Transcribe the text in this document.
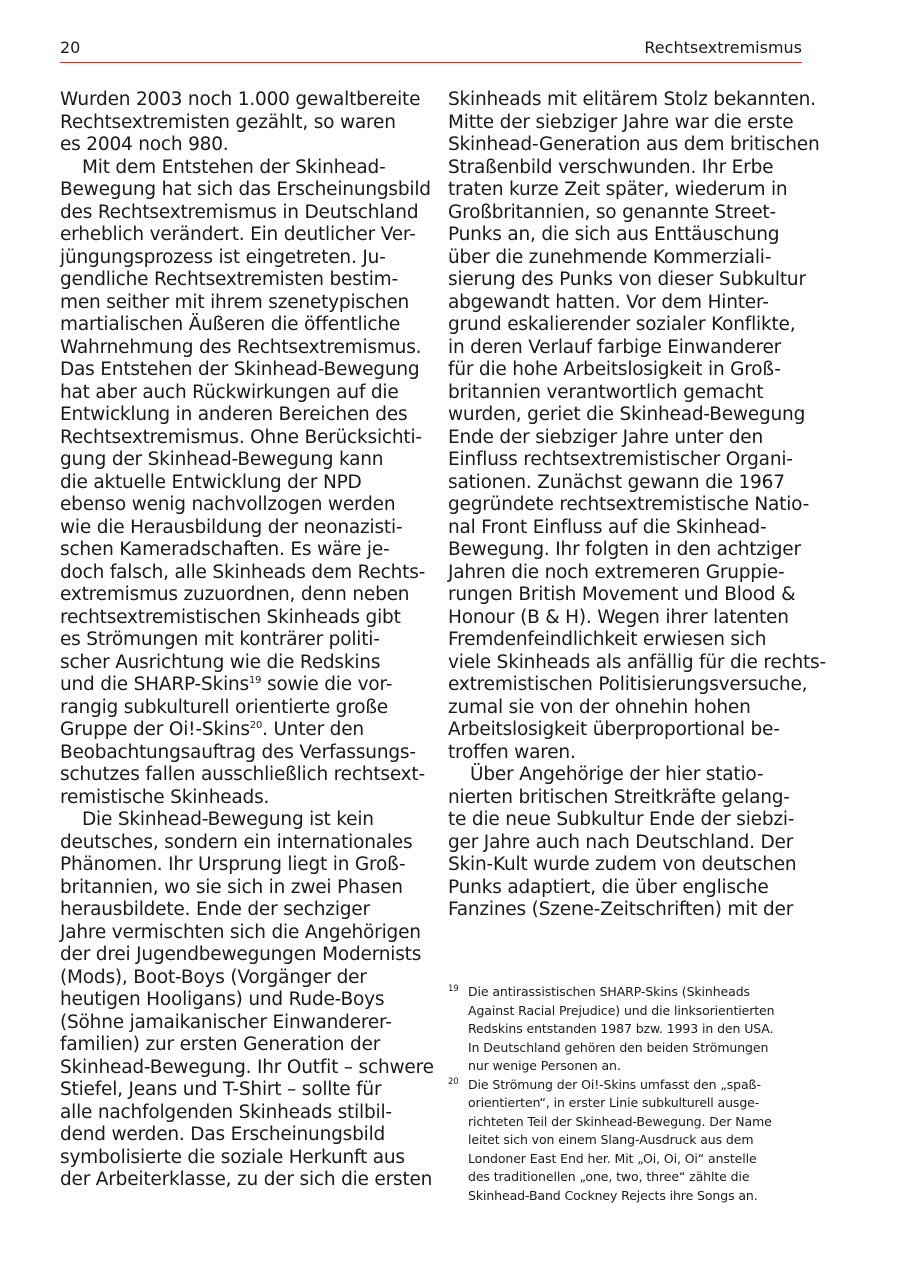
20	Rechtsextremismus
Wurden 2003 noch 1.000 gewaltbereite
Rechtsextremisten gezählt, so waren
es 2004 noch 980.
Mit dem Entstehen der Skinhead-
Bewegung hat sich das Erscheinungsbild
des Rechtsextremismus in Deutschland
erheblich verändert. Ein deutlicher Ver-
jüngungsprozess ist eingetreten. Ju-
gendliche Rechtsextremisten bestim-
men seither mit ihrem szenetypischen
martialischen Äußeren die öffentliche
Wahrnehmung des Rechtsextremismus.
Das Entstehen der Skinhead-Bewegung
hat aber auch Rückwirkungen auf die
Entwicklung in anderen Bereichen des
Rechtsextremismus. Ohne Berücksichti-
gung der Skinhead-Bewegung kann
die aktuelle Entwicklung der NPD
ebenso wenig nachvollzogen werden
wie die Herausbildung der neonazisti-
schen Kameradschaften. Es wäre je-
doch falsch, alle Skinheads dem Rechts-
extremismus zuzuordnen, denn neben
rechtsextremistischen Skinheads gibt
es Strömungen mit konträrer politi-
scher Ausrichtung wie die Redskins
und die SHARP-Skins$^{19}$ sowie die vor-
rangig subkulturell orientierte große
Gruppe der Oi!-Skins$^{20}$. Unter den
Beobachtungsauftrag des Verfassungs-
schutzes fallen ausschließlich rechtsext-
remistische Skinheads.
Die Skinhead-Bewegung ist kein
deutsches, sondern ein internationales
Phänomen. Ihr Ursprung liegt in Groß-
britannien, wo sie sich in zwei Phasen
herausbildete. Ende der sechziger
Jahre vermischten sich die Angehörigen
der drei Jugendbewegungen Modernists
(Mods), Boot-Boys (Vorgänger der
heutigen Hooligans) und Rude-Boys
(Söhne jamaikanischer Einwanderer-
familien) zur ersten Generation der
Skinhead-Bewegung. Ihr Outfit – schwere
Stiefel, Jeans und T-Shirt – sollte für
alle nachfolgenden Skinheads stilbil-
dend werden. Das Erscheinungsbild
symbolisierte die soziale Herkunft aus
der Arbeiterklasse, zu der sich die ersten
Skinheads mit elitärem Stolz bekannten.
Mitte der siebziger Jahre war die erste
Skinhead-Generation aus dem britischen
Straßenbild verschwunden. Ihr Erbe
traten kurze Zeit später, wiederum in
Großbritannien, so genannte Street-
Punks an, die sich aus Enttäuschung
über die zunehmende Kommerziali-
sierung des Punks von dieser Subkultur
abgewandt hatten. Vor dem Hinter-
grund eskalierender sozialer Konflikte,
in deren Verlauf farbige Einwanderer
für die hohe Arbeitslosigkeit in Groß-
britannien verantwortlich gemacht
wurden, geriet die Skinhead-Bewegung
Ende der siebziger Jahre unter den
Einfluss rechtsextremistischer Organi-
sationen. Zunächst gewann die 1967
gegründete rechtsextremistische Natio-
nal Front Einfluss auf die Skinhead-
Bewegung. Ihr folgten in den achtziger
Jahren die noch extremeren Gruppie-
rungen British Movement und Blood &
Honour (B & H). Wegen ihrer latenten
Fremdenfeindlichkeit erwiesen sich
viele Skinheads als anfällig für die rechts-
extremistischen Politisierungsversuche,
zumal sie von der ohnehin hohen
Arbeitslosigkeit überproportional be-
troffen waren.
Über Angehörige der hier statio-
nierten britischen Streitkräfte gelang-
te die neue Subkultur Ende der siebzi-
ger Jahre auch nach Deutschland. Der
Skin-Kult wurde zudem von deutschen
Punks adaptiert, die über englische
Fanzines (Szene-Zeitschriften) mit der
19 Die antirassistischen SHARP-Skins (Skinheads
Against Racial Prejudice) und die linksorientierten
Redskins entstanden 1987 bzw. 1993 in den USA.
In Deutschland gehören den beiden Strömungen
nur wenige Personen an.
20 Die Strömung der Oi!-Skins umfasst den „spaß-
orientierten“, in erster Linie subkulturell ausge-
richteten Teil der Skinhead-Bewegung. Der Name
leitet sich von einem Slang-Ausdruck aus dem
Londoner East End her. Mit „Oi, Oi, Oi“ anstelle
des traditionellen „one, two, three“ zählte die
Skinhead-Band Cockney Rejects ihre Songs an.
